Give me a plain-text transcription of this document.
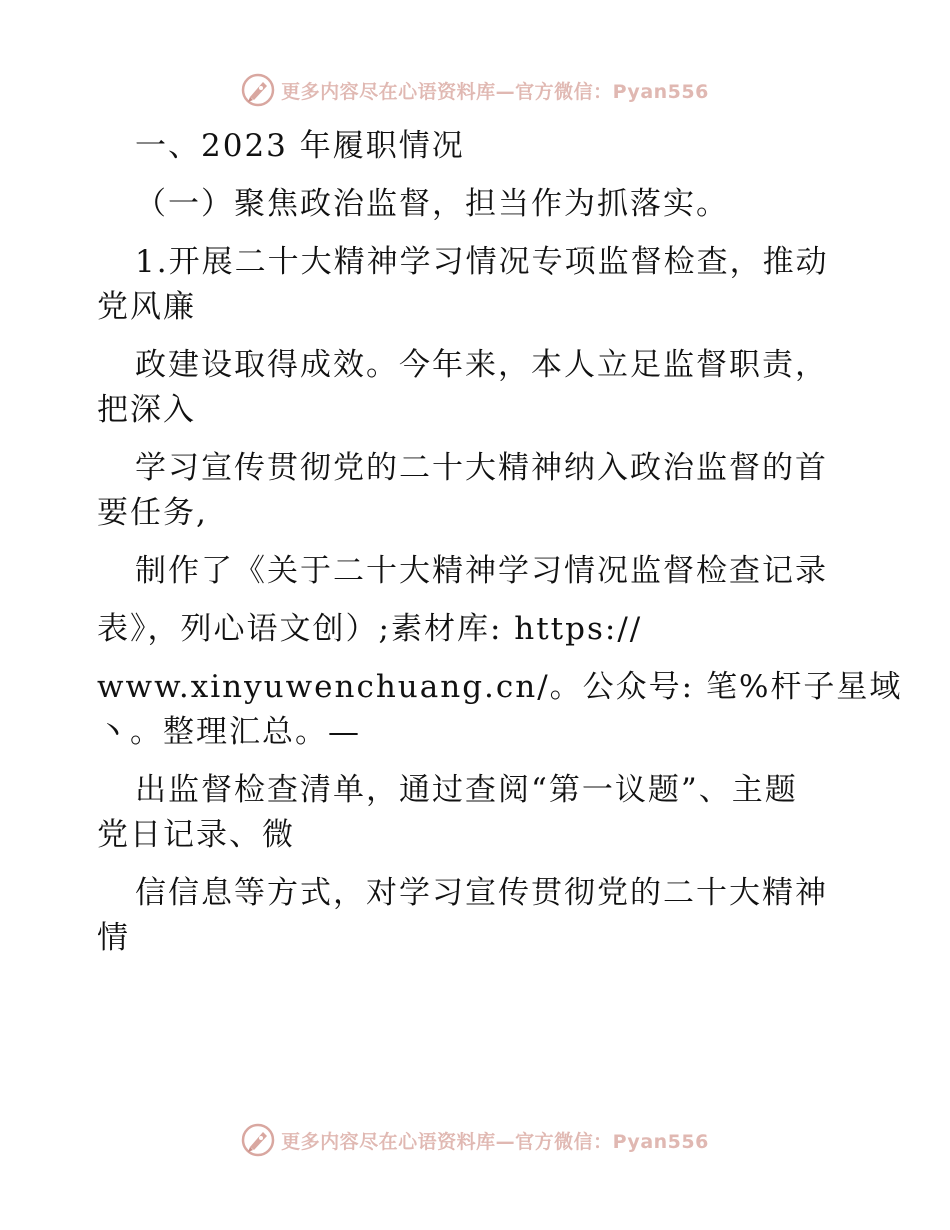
更多内容尽在心语资料库—官方微信：Pyan556
一、2023 年履职情况
（一）聚焦政治监督，担当作为抓落实。
1.开展二十大精神学习情况专项监督检查，推动
党风廉
政建设取得成效。今年来，本人立足监督职责，
把深入
学习宣传贯彻党的二十大精神纳入政治监督的首
要任务,
制作了《关于二十大精神学习情况监督检查记录
表》，列心语文创）;素材库: https://
www.xinyuwenchuang.cn/。公众号: 笔%杆子星域
丶。整理汇总。—
出监督检查清单，通过查阅“第一议题”、主题
党日记录、微
信信息等方式，对学习宣传贯彻党的二十大精神
情
更多内容尽在心语资料库—官方微信：Pyan556
